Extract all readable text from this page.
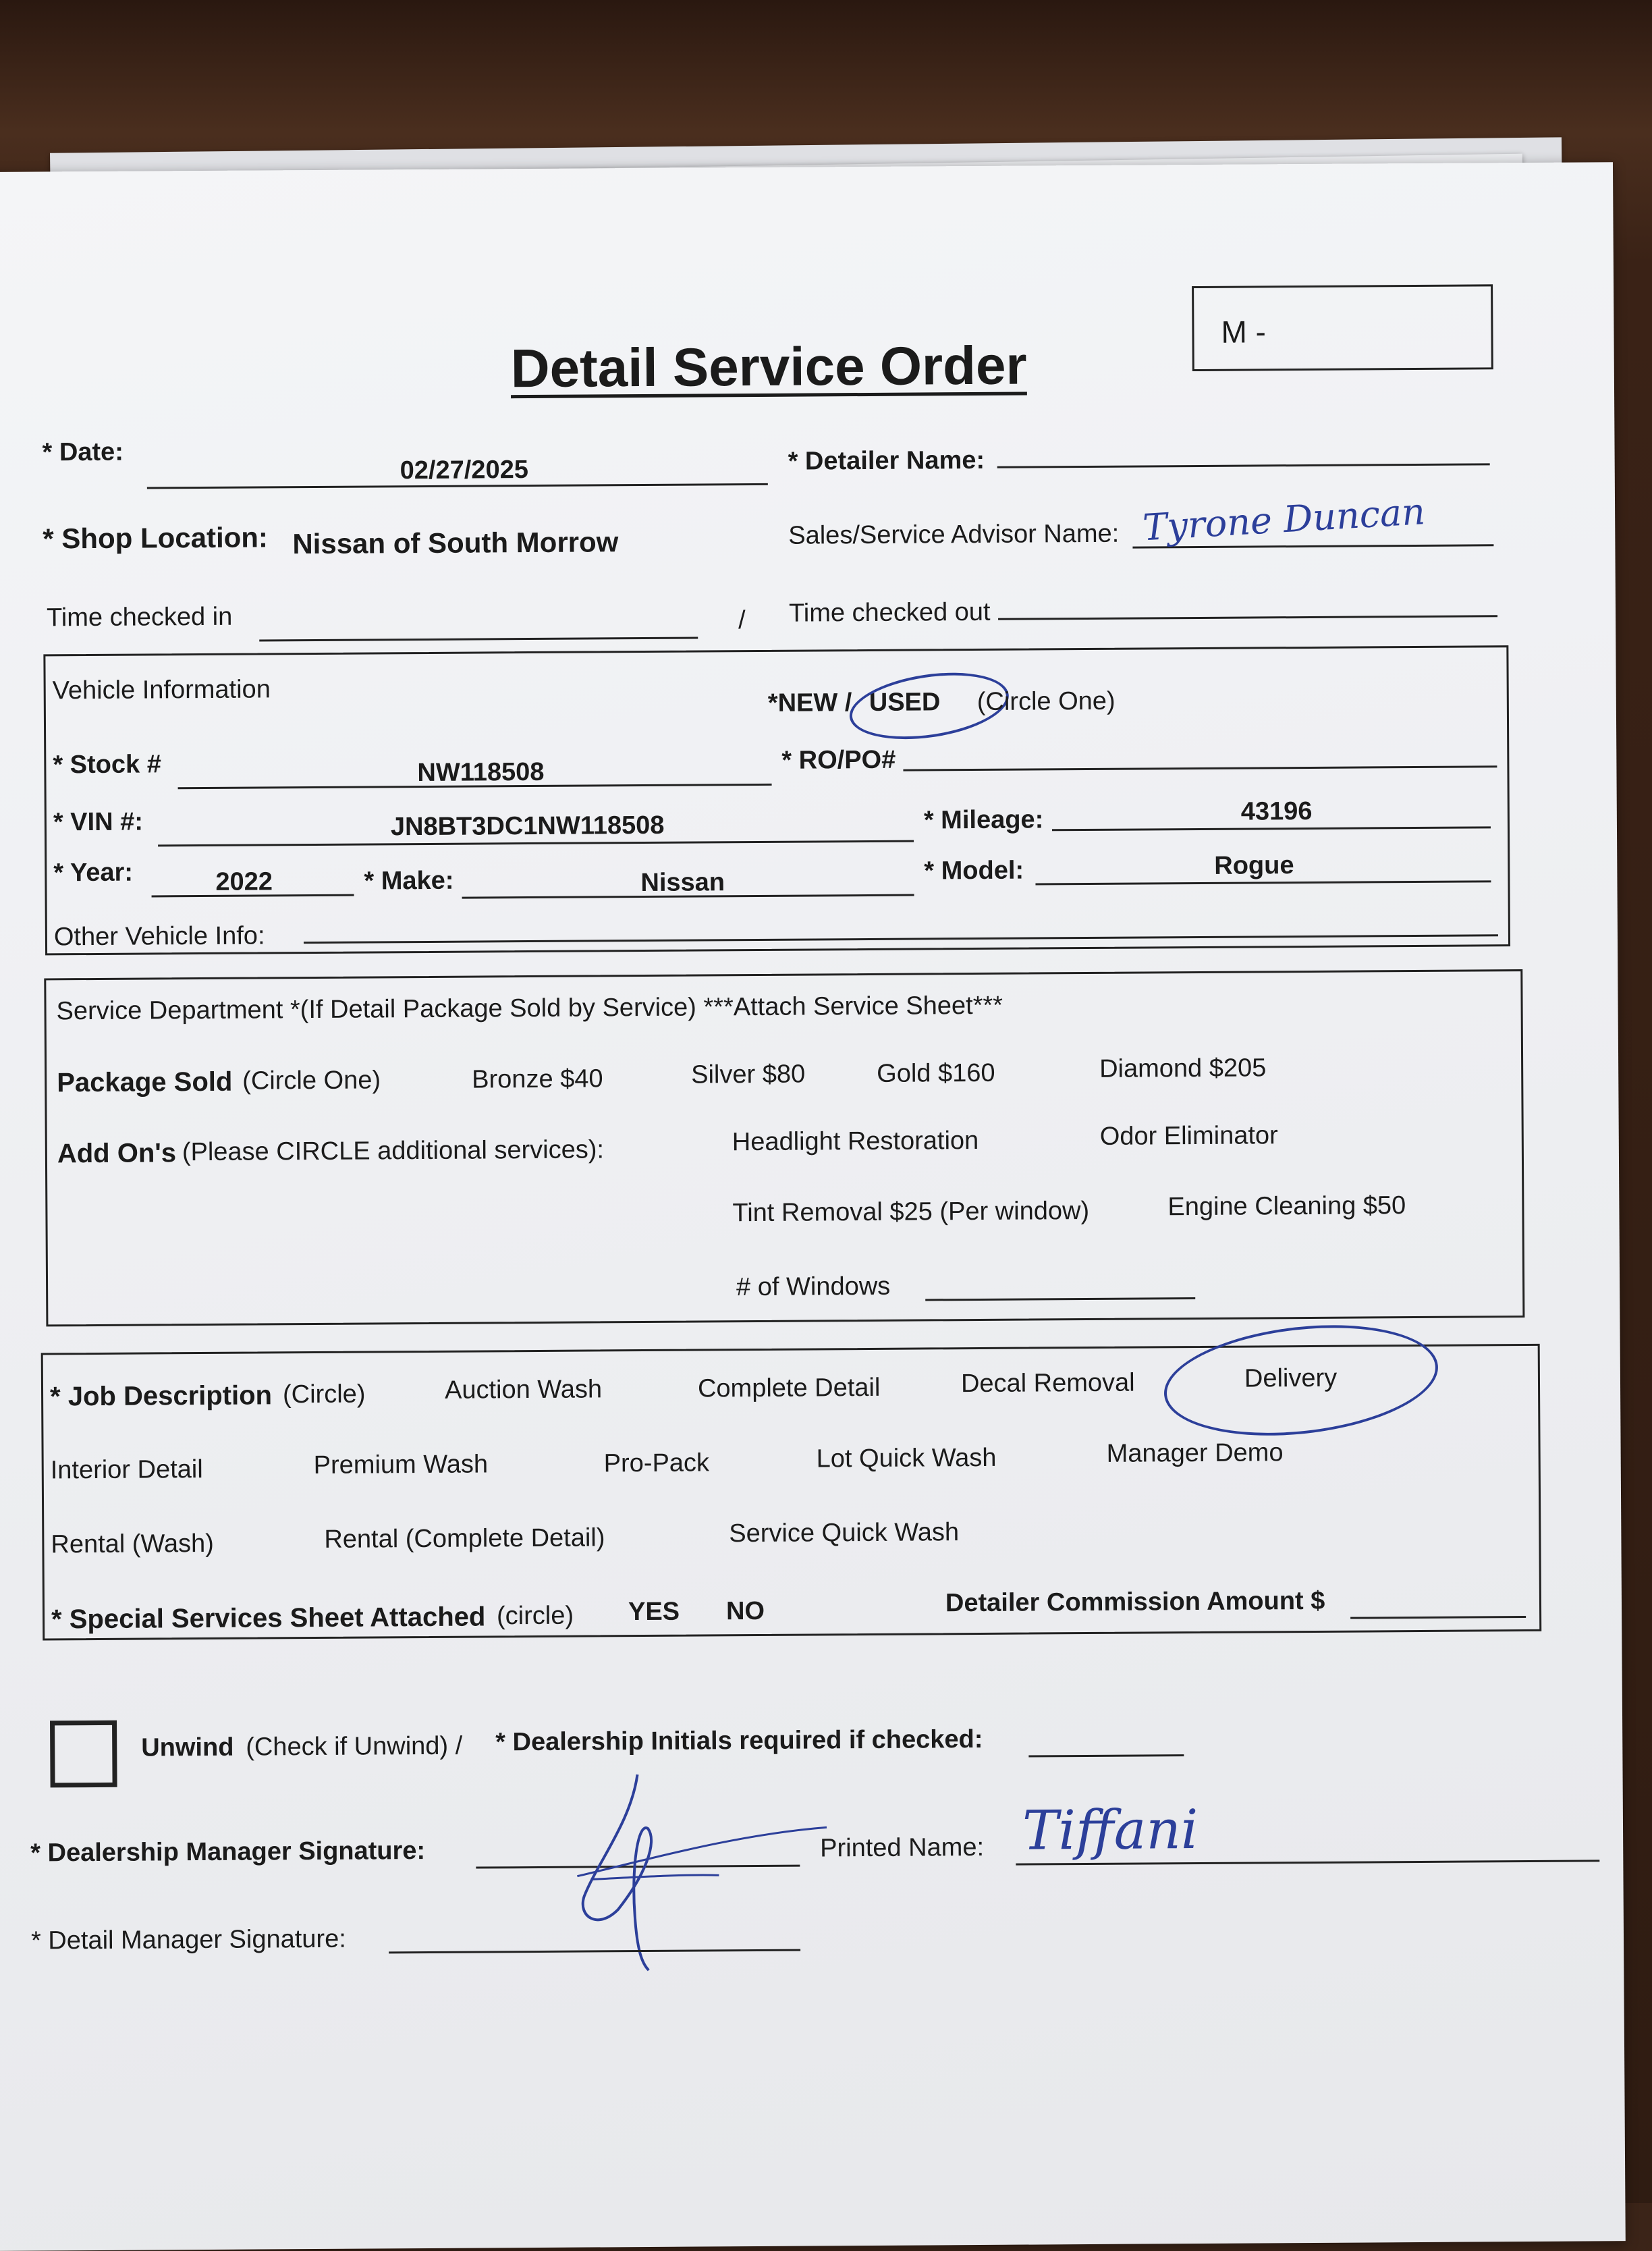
Detail Service Order
M -
* Date:
02/27/2025	* Detailer Name:
* Shop Location: Nissan of South Morrow	Sales/Service Advisor Name: Tyrone Duncan
Time checked in	/ Time checked out
Vehicle Information	*NEW / USED (Circle One)
* Stock #	NW118508	* RO/PO#
* VIN #:	JN8BT3DC1NW118508	* Mileage:	43196
* Year:	2022	* Make:	Nissan	* Model:	Rogue
Other Vehicle Info:
Service Department *(If Detail Package Sold by Service) ***Attach Service Sheet***
Package Sold (Circle One)	Bronze $40	Silver $80	Gold $160	Diamond $205
Add On's (Please CIRCLE additional services):	Headlight Restoration	Odor Eliminator
Tint Removal $25 (Per window)	Engine Cleaning $50
# of Windows
* Job Description (Circle)	Auction Wash	Complete Detail	Decal Removal	Delivery
Interior Detail	Premium Wash	Pro-Pack	Lot Quick Wash	Manager Demo
Rental (Wash)	Rental (Complete Detail)	Service Quick Wash
* Special Services Sheet Attached (circle) YES NO	Detailer Commission Amount $
Unwind (Check if Unwind) / * Dealership Initials required if checked:
* Dealership Manager Signature:	Printed Name: Tiffani
* Detail Manager Signature:
